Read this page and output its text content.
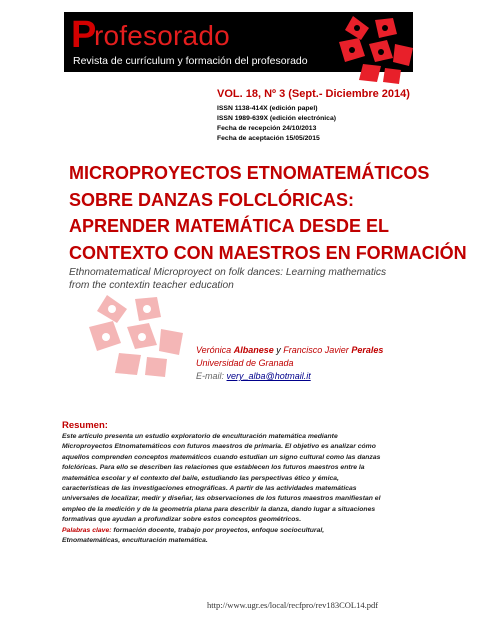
P
rofesorado
Revista de currículum y formación del profesorado
VOL. 18, Nº 3 (Sept.- Diciembre 2014)
ISSN 1138-414X (edición papel)
ISSN 1989-639X (edición electrónica)
Fecha de recepción 24/10/2013
Fecha de aceptación 15/05/2015
MICROPROYECTOS ETNOMATEMÁTICOS
SOBRE DANZAS FOLCLÓRICAS:
APRENDER MATEMÁTICA DESDE EL
CONTEXTO CON MAESTROS EN FORMACIÓN
Ethnomatematical Microproyect on folk dances: Learning mathematics
from the contextin teacher education
Verónica Albanese y Francisco Javier Perales
Universidad de Granada
E-mail: very_alba@hotmail.it
Resumen:
Este artículo presenta un estudio exploratorio de enculturación matemática mediante
Microproyectos Etnomatemáticos con futuros maestros de primaria. El objetivo es analizar cómo
aquellos comprenden conceptos matemáticos cuando estudian un signo cultural como las danzas
folclóricas. Para ello se describen las relaciones que establecen los futuros maestros entre la
matemática escolar y el contexto del baile, estudiando las perspectivas ético y émica,
características de las investigaciones etnográficas. A partir de las actividades matemáticas
universales de localizar, medir y diseñar, las observaciones de los futuros maestros manifiestan el
empleo de la medición y de la geometría plana para describir la danza, dando lugar a situaciones
formativas que ayudan a profundizar sobre estos conceptos geométricos.
Palabras clave: formación docente, trabajo por proyectos, enfoque sociocultural,
Etnomatemáticas, enculturación matemática.
http://www.ugr.es/local/recfpro/rev183COL14.pdf
